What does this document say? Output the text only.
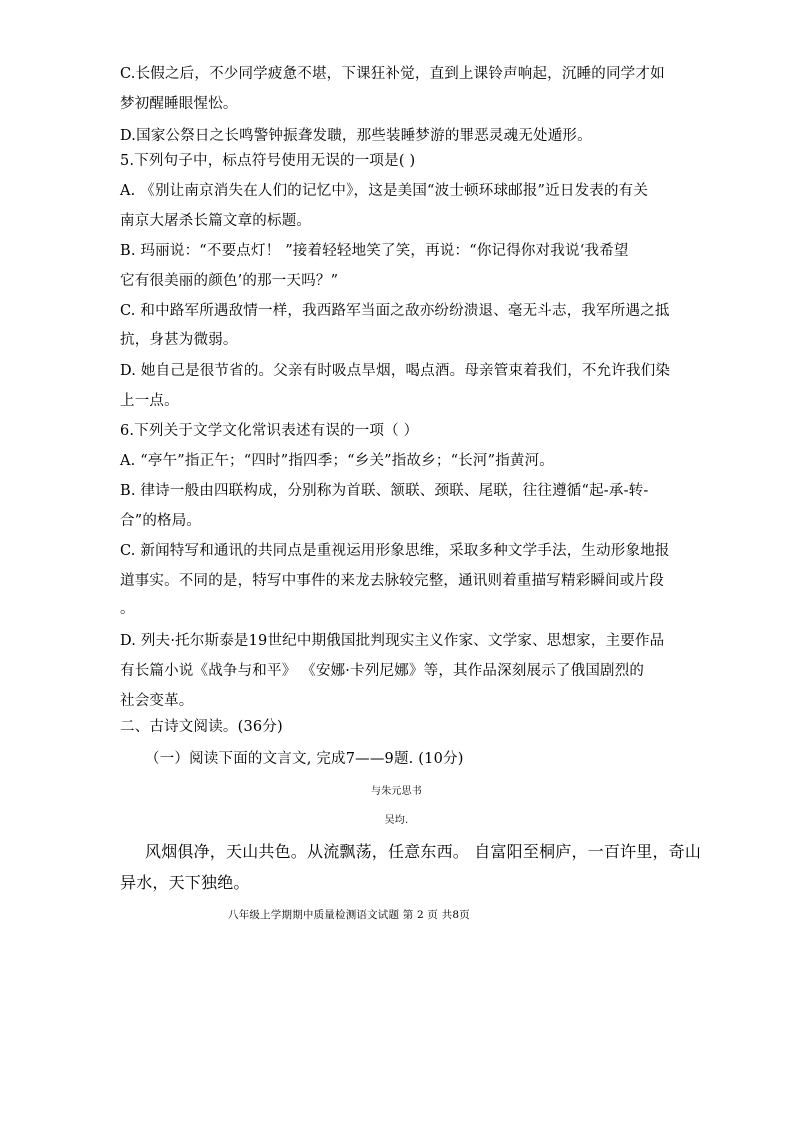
C.长假之后，不少同学疲惫不堪，下课狂补觉，直到上课铃声响起，沉睡的同学才如
梦初醒睡眼惺忪。
D.国家公祭日之长鸣警钟振聋发聩，那些装睡梦游的罪恶灵魂无处遁形。
5.下列句子中，标点符号使用无误的一项是( )
A. 《别让南京消失在人们的记忆中》，这是美国“波士顿环球邮报”近日发表的有关
南京大屠杀长篇文章的标题。
B. 玛丽说：“不要点灯！ ”接着轻轻地笑了笑，再说：“你记得你对我说‘我希望
它有很美丽的颜色’的那一天吗？”
C. 和中路军所遇敌情一样，我西路军当面之敌亦纷纷溃退、毫无斗志，我军所遇之抵
抗，身甚为微弱。
D. 她自己是很节省的。父亲有时吸点旱烟，喝点酒。母亲管束着我们，不允许我们染
上一点。
6.下列关于文学文化常识表述有误的一项（ ）
A. “亭午”指正午；“四时”指四季；“乡关”指故乡；“长河”指黄河。
B. 律诗一般由四联构成，分别称为首联、颔联、颈联、尾联，往往遵循“起-承-转-
合”的格局。
C. 新闻特写和通讯的共同点是重视运用形象思维，采取多种文学手法，生动形象地报
道事实。不同的是，特写中事件的来龙去脉较完整，通讯则着重描写精彩瞬间或片段
。
D. 列夫·托尔斯泰是19世纪中期俄国批判现实主义作家、文学家、思想家，主要作品
有长篇小说《战争与和平》 《安娜·卡列尼娜》等，其作品深刻展示了俄国剧烈的
社会变革。
二、古诗文阅读。(36分)
（一）阅读下面的文言文, 完成7——9题. (10分)
与朱元思书
吴均.
风烟俱净，天山共色。从流飘荡，任意东西。 自富阳至桐庐，一百许里，奇山
异水，天下独绝。
八年级上学期期中质量检测语文试题 第 2 页 共8页
